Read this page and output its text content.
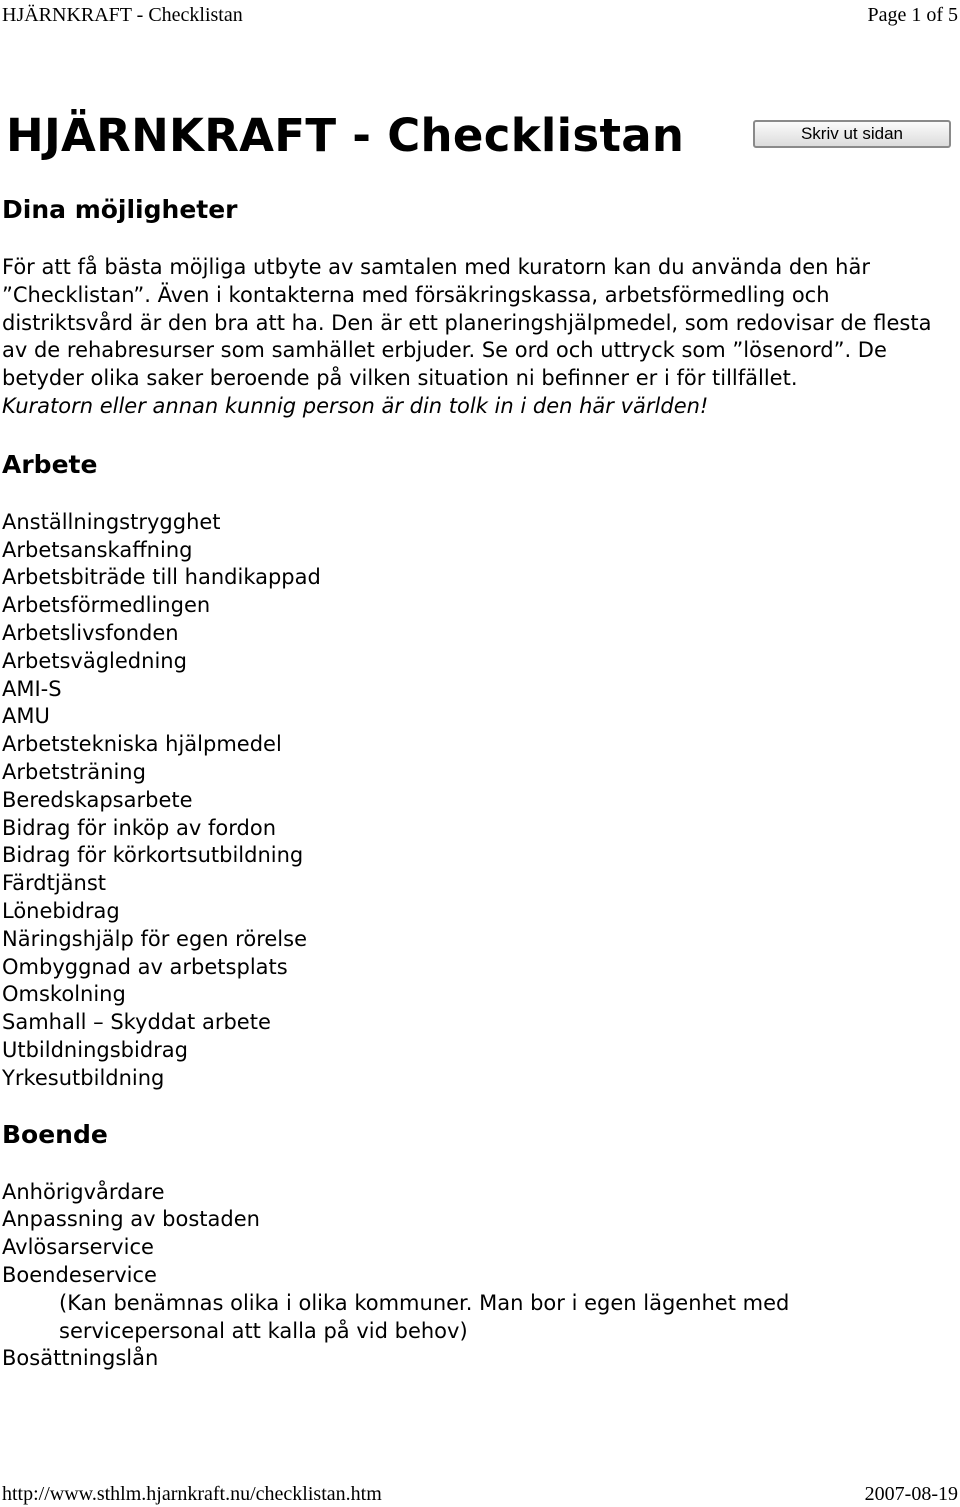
HJÄRNKRAFT - Checklistan	Page 1 of 5
HJÄRNKRAFT - Checklistan	Skriv ut sidan
Dina möjligheter
För att få bästa möjliga utbyte av samtalen med kuratorn kan du använda den här ”Checklistan”. Även i kontakterna med försäkringskassa, arbetsförmedling och distriktsvård är den bra att ha. Den är ett planeringshjälpmedel, som redovisar de flesta av de rehabresurser som samhället erbjuder. Se ord och uttryck som ”lösenord”. De betyder olika saker beroende på vilken situation ni befinner er i för tillfället.
Kuratorn eller annan kunnig person är din tolk in i den här världen!
Arbete
Anställningstrygghet
Arbetsanskaffning
Arbetsbiträde till handikappad
Arbetsförmedlingen
Arbetslivsfonden
Arbetsvägledning
AMI-S
AMU
Arbetstekniska hjälpmedel
Arbetsträning
Beredskapsarbete
Bidrag för inköp av fordon
Bidrag för körkortsutbildning
Färdtjänst
Lönebidrag
Näringshjälp för egen rörelse
Ombyggnad av arbetsplats
Omskolning
Samhall – Skyddat arbete
Utbildningsbidrag
Yrkesutbildning
Boende
Anhörigvårdare
Anpassning av bostaden
Avlösarservice
Boendeservice
(Kan benämnas olika i olika kommuner. Man bor i egen lägenhet med servicepersonal att kalla på vid behov)
Bosättningslån
http://www.sthlm.hjarnkraft.nu/checklistan.htm	2007-08-19
